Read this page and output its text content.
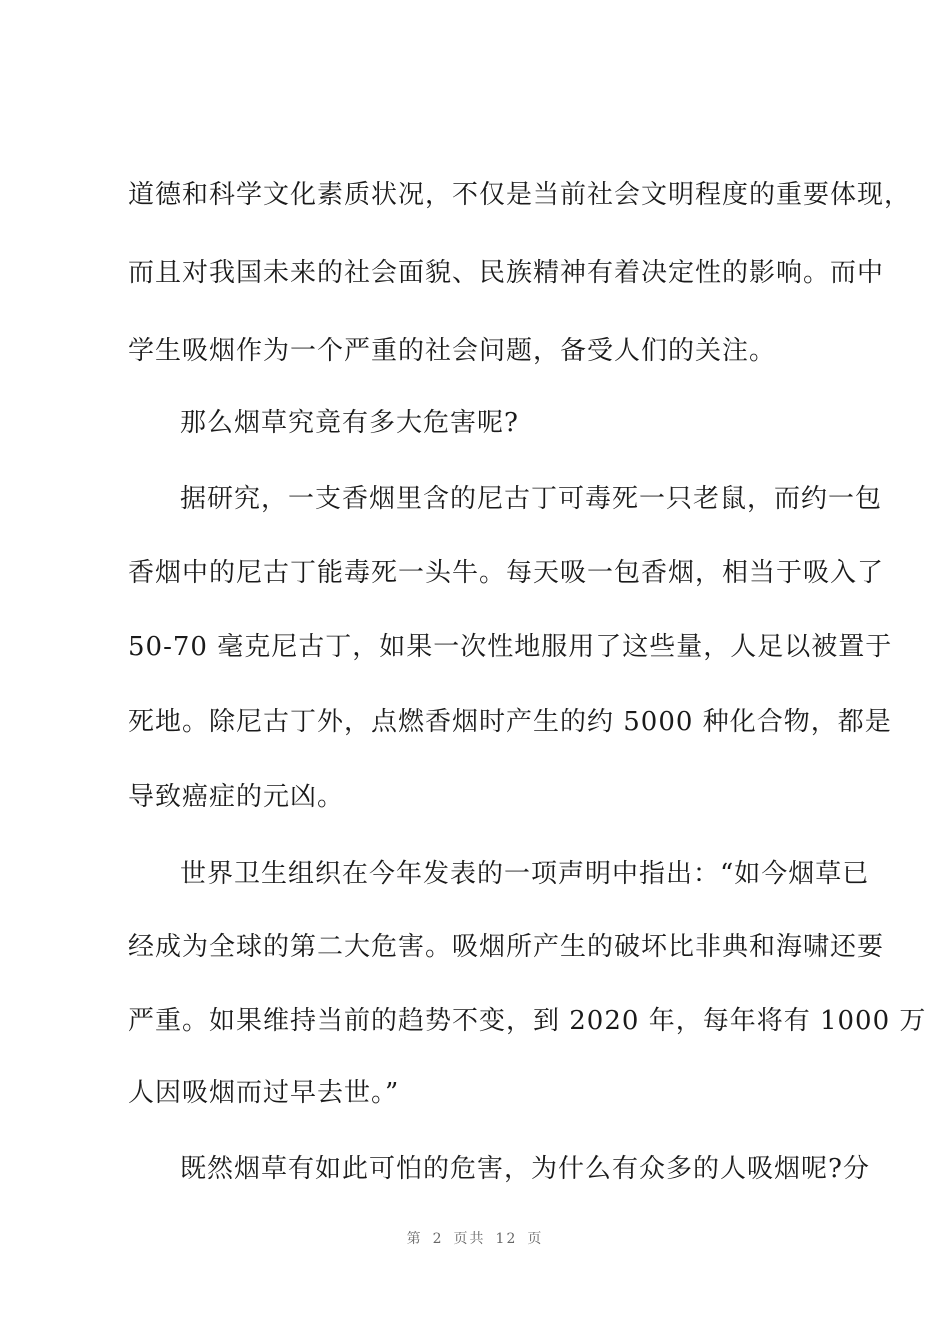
道德和科学文化素质状况，不仅是当前社会文明程度的重要体现，
而且对我国未来的社会面貌、民族精神有着决定性的影响。而中
学生吸烟作为一个严重的社会问题，备受人们的关注。
那么烟草究竟有多大危害呢?
据研究，一支香烟里含的尼古丁可毒死一只老鼠，而约一包
香烟中的尼古丁能毒死一头牛。每天吸一包香烟，相当于吸入了
50-70 毫克尼古丁，如果一次性地服用了这些量，人足以被置于
死地。除尼古丁外，点燃香烟时产生的约 5000 种化合物，都是
导致癌症的元凶。
世界卫生组织在今年发表的一项声明中指出：“如今烟草已
经成为全球的第二大危害。吸烟所产生的破坏比非典和海啸还要
严重。如果维持当前的趋势不变，到 2020 年，每年将有 1000 万
人因吸烟而过早去世。”
既然烟草有如此可怕的危害，为什么有众多的人吸烟呢?分
第 2 页共 12 页
